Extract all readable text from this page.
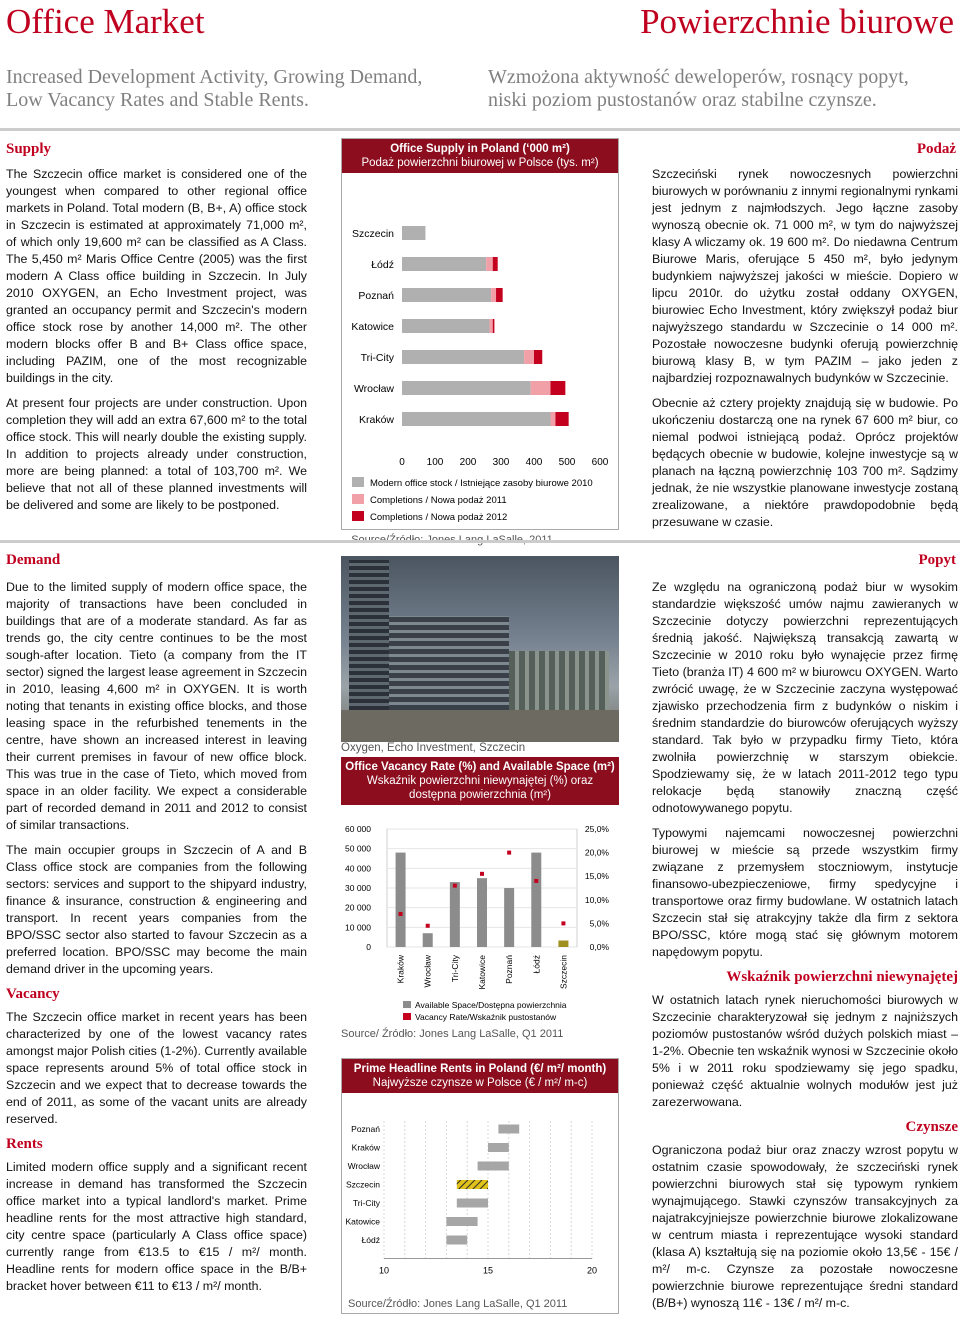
Office Market	Powierzchnie biurowe
Increased Development Activity, Growing Demand,
Low Vacancy Rates and Stable Rents.
Wzmożona aktywność deweloperów, rosnący popyt,
niski poziom pustostanów oraz stabilne czynsze.
Supply	Podaż

The Szczecin office market is considered one of the youngest when compared to other regional office markets in Poland. Total modern (B, B+, A) office stock in Szczecin is estimated at approximately 71,000 m², of which only 19,600 m² can be classified as A Class. The 5,450 m² Maris Office Centre (2005) was the first modern A Class office building in Szczecin. In July 2010 OXYGEN, an Echo Investment project, was granted an occupancy permit and Szczecin's modern office stock rose by another 14,000 m². The other modern blocks offer B and B+ Class office space, including PAZIM, one of the most recognizable buildings in the city.

At present four projects are under construction. Upon completion they will add an extra 67,600 m² to the total office stock. This will nearly double the existing supply. In addition to projects already under construction, more are being planned: a total of 103,700 m². We believe that not all of these planned investments will be delivered and some are likely to be postponed.

Szczeciński rynek nowoczesnych powierzchni biurowych w porównaniu z innymi regionalnymi rynkami jest jednym z najmłodszych. Jego łączne zasoby wynoszą obecnie ok. 71 000 m², w tym do najwyższej klasy A wliczamy ok. 19 600 m². Do niedawna Centrum Biurowe Maris, oferujące 5 450 m², było jedynym budynkiem najwyższej jakości w mieście. Dopiero w lipcu 2010r. do użytku został oddany OXYGEN, biurowiec Echo Investment, który zwiększył podaż biur najwyższego standardu w Szczecinie o 14 000 m². Pozostałe nowoczesne budynki oferują powierzchnię biurową klasy B, w tym PAZIM – jako jeden z najbardziej rozpoznawalnych budynków w Szczecinie.

Obecnie aż cztery projekty znajdują się w budowie. Po ukończeniu dostarczą one na rynek 67 600 m² biur, co niemal podwoi istniejącą podaż. Oprócz projektów będących obecnie w budowie, kolejne inwestycje są w planach na łączną powierzchnię 103 700 m². Sądzimy jednak, że nie wszystkie planowane inwestycje zostaną zrealizowane, a niektóre prawdopodobnie będą przesuwane w czasie.

Office Supply in Poland (‘000 m²)
Podaż powierzchni biurowej w Polsce (tys. m²)
Szczecin
Łódź
Poznań
Katowice
Tri-City
Wrocław
Kraków
0 100 200 300 400 500 600
Modern office stock / Istniejące zasoby biurowe 2010
Completions / Nowa podaż 2011
Completions / Nowa podaż 2012
Demand	Popyt

Due to the limited supply of modern office space, the majority of transactions have been concluded in buildings that are of a moderate standard. As far as trends go, the city centre continues to be the most sough-after location. Tieto (a company from the IT sector) signed the largest lease agreement in Szczecin in 2010, leasing 4,600 m² in OXYGEN. It is worth noting that tenants in existing office blocks, and those leasing space in the refurbished tenements in the centre, have shown an increased interest in leaving their current premises in favour of new office block. This was true in the case of Tieto, which moved from space in an older facility. We expect a considerable part of recorded demand in 2011 and 2012 to consist of similar transactions.

The main occupier groups in Szczecin of A and B Class office stock are companies from the following sectors: services and support to the shipyard industry, finance & insurance, construction & engineering and transport. In recent years companies from the BPO/SSC sector also started to favour Szczecin as a preferred location. BPO/SSC may become the main demand driver in the upcoming years.

Vacancy

The Szczecin office market in recent years has been characterized by one of the lowest vacancy rates amongst major Polish cities (1-2%). Currently available space represents around 5% of total office stock in Szczecin and we expect that to decrease towards the end of 2011, as some of the vacant units are already reserved.

Rents

Limited modern office supply and a significant recent increase in demand has transformed the Szczecin office market into a typical landlord's market. Prime headline rents for the most attractive high standard, city centre space (particularly A Class office space) currently range from €13.5 to €15 / m²/ month. Headline rents for modern office space in the B/B+ bracket hover between €11 to €13 / m²/ month.

Ze względu na ograniczoną podaż biur w wysokim standardzie większość umów najmu zawieranych w Szczecinie dotyczy powierzchni reprezentujących średnią jakość. Największą transakcją zawartą w Szczecinie w 2010 roku było wynajęcie przez firmę Tieto (branża IT) 4 600 m² w biurowcu OXYGEN. Warto zwrócić uwagę, że w Szczecinie zaczyna występować zjawisko przechodzenia firm z budynków o niskim i średnim standardzie do biurowców oferujących wyższy standard. Tak było w przypadku firmy Tieto, która zwolniła powierzchnię w starszym obiekcie. Spodziewamy się, że w latach 2011-2012 tego typu relokacje będą stanowiły znaczną część odnotowywanego popytu.

Typowymi najemcami nowoczesnej powierzchni biurowej w mieście są przede wszystkim firmy związane z przemysłem stoczniowym, instytucje finansowo-ubezpieczeniowe, firmy spedycyjne i transportowe oraz firmy budowlane. W ostatnich latach Szczecin stał się atrakcyjny także dla firm z sektora BPO/SSC, które mogą stać się głównym motorem napędowym popytu.

Wskaźnik powierzchni niewynajętej

W ostatnich latach rynek nieruchomości biurowych w Szczecinie charakteryzował się jednym z najniższych poziomów pustostanów wśród dużych polskich miast – 1-2%. Obecnie ten wskaźnik wynosi w Szczecinie około 5% i w 2011 roku spodziewamy się jego spadku, ponieważ część aktualnie wolnych modułów jest już zarezerwowana.

Czynsze

Ograniczona podaż biur oraz znaczy wzrost popytu w ostatnim czasie spowodowały, że szczeciński rynek powierzchni biurowych stał się typowym rynkiem wynajmującego. Stawki czynszów transakcyjnych za najatrakcyjniejsze powierzchnie biurowe zlokalizowane w centrum miasta i reprezentujące wysoki standard (klasa A) kształtują się na poziomie około 13,5€ - 15€ / m²/ m-c. Czynsze za pozostałe nowoczesne powierzchnie biurowe reprezentujące średni standard (B/B+) wynoszą 11€ - 13€ / m²/ m-c.

Oxygen, Echo Investment, Szczecin
Office Vacancy Rate (%) and Available Space (m²)
Wskaźnik powierzchni niewynajętej (%) oraz dostępna powierzchnia (m²)
60 000
50 000
40 000
30 000
20 000
10 000
0
25,0%
20,0%
15,0%
10,0%
5,0%
0,0%
Kraków Wrocław Tri-City Katowice Poznań Łódź Szczecin
Available Space/Dostępna powierzchnia
Vacancy Rate/Wskaźnik pustostanów
Source/ Źródło: Jones Lang LaSalle, Q1 2011
Prime Headline Rents in Poland (€/ m²/ month)
Najwyższe czynsze w Polsce (€ / m²/ m-c)
Poznań
Kraków
Wrocław
Szczecin
Tri-City
Katowice
Łódź
10	15	20
Source/Źródło: Jones Lang LaSalle, Q1 2011
